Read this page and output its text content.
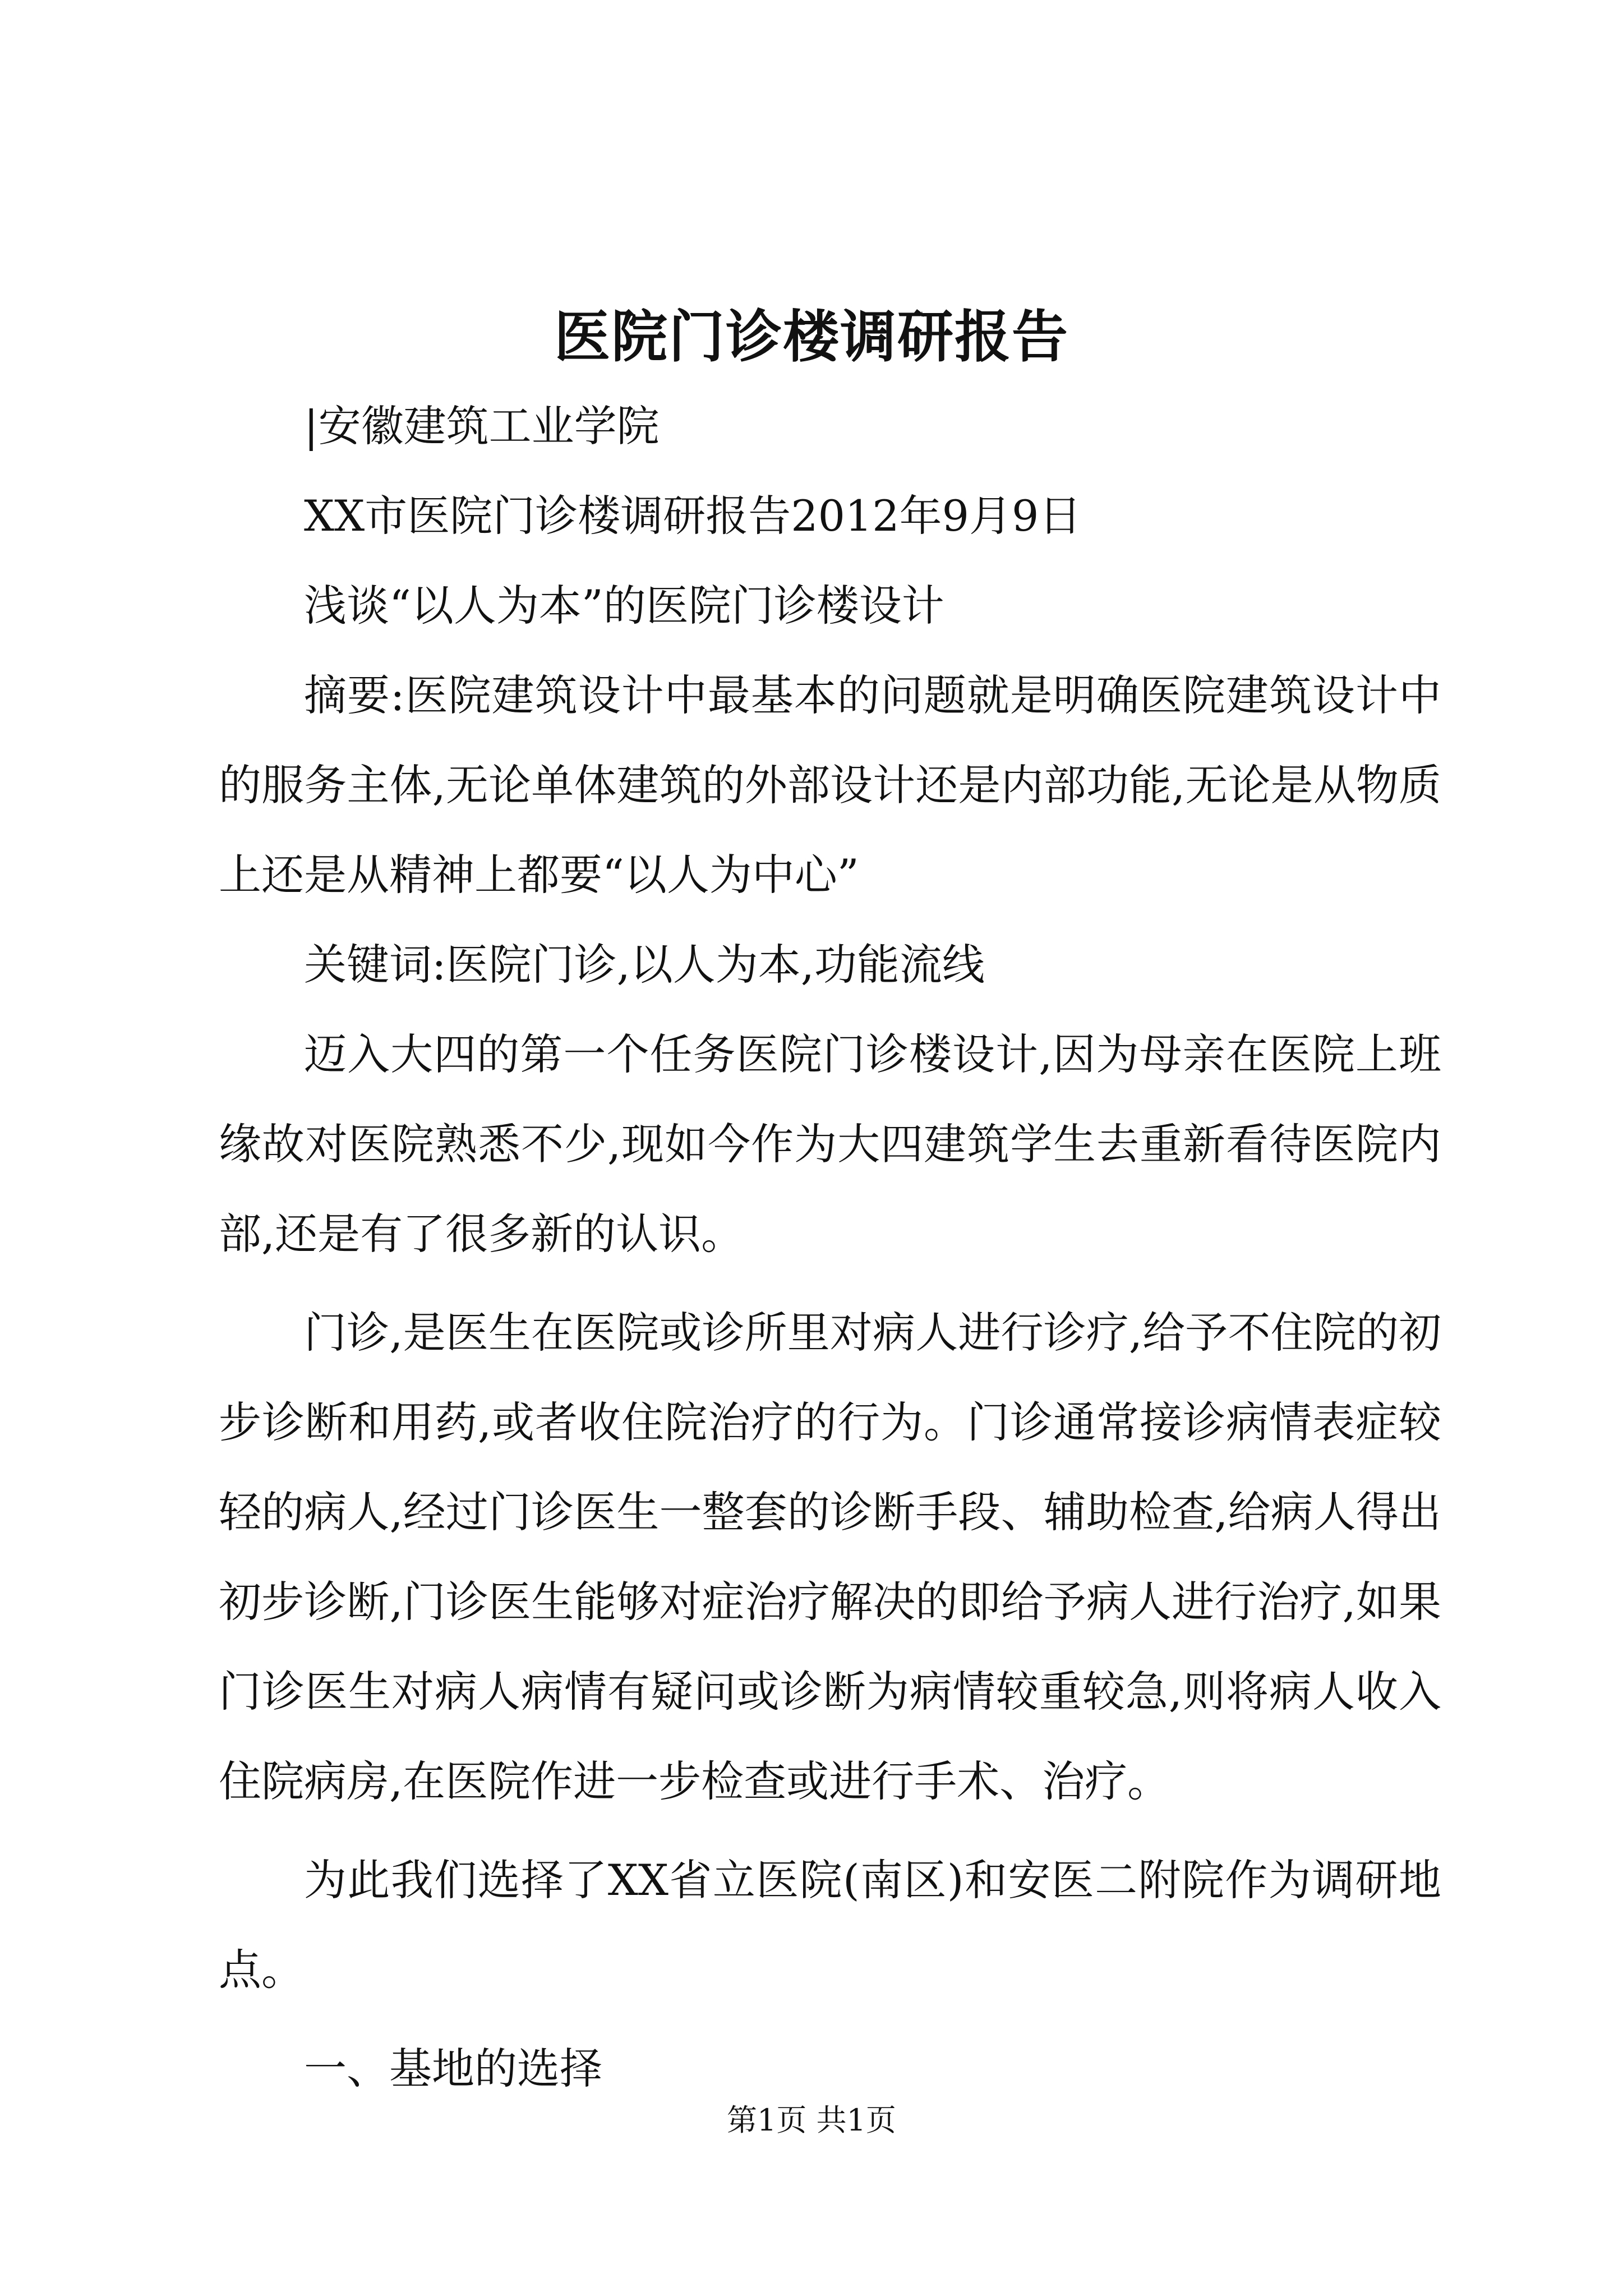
医院门诊楼调研报告

|安徽建筑工业学院

XX市医院门诊楼调研报告2012年9月9日

浅谈“以人为本”的医院门诊楼设计

摘要:医院建筑设计中最基本的问题就是明确医院建筑设计中的服务主体,无论单体建筑的外部设计还是内部功能,无论是从物质上还是从精神上都要“以人为中心”

关键词:医院门诊,以人为本,功能流线

迈入大四的第一个任务医院门诊楼设计,因为母亲在医院上班缘故对医院熟悉不少,现如今作为大四建筑学生去重新看待医院内部,还是有了很多新的认识。

门诊,是医生在医院或诊所里对病人进行诊疗,给予不住院的初步诊断和用药,或者收住院治疗的行为。门诊通常接诊病情表症较轻的病人,经过门诊医生一整套的诊断手段、辅助检查,给病人得出初步诊断,门诊医生能够对症治疗解决的即给予病人进行治疗,如果门诊医生对病人病情有疑问或诊断为病情较重较急,则将病人收入住院病房,在医院作进一步检查或进行手术、治疗。

为此我们选择了XX省立医院(南区)和安医二附院作为调研地点。

一、基地的选择

第1页 共1页
